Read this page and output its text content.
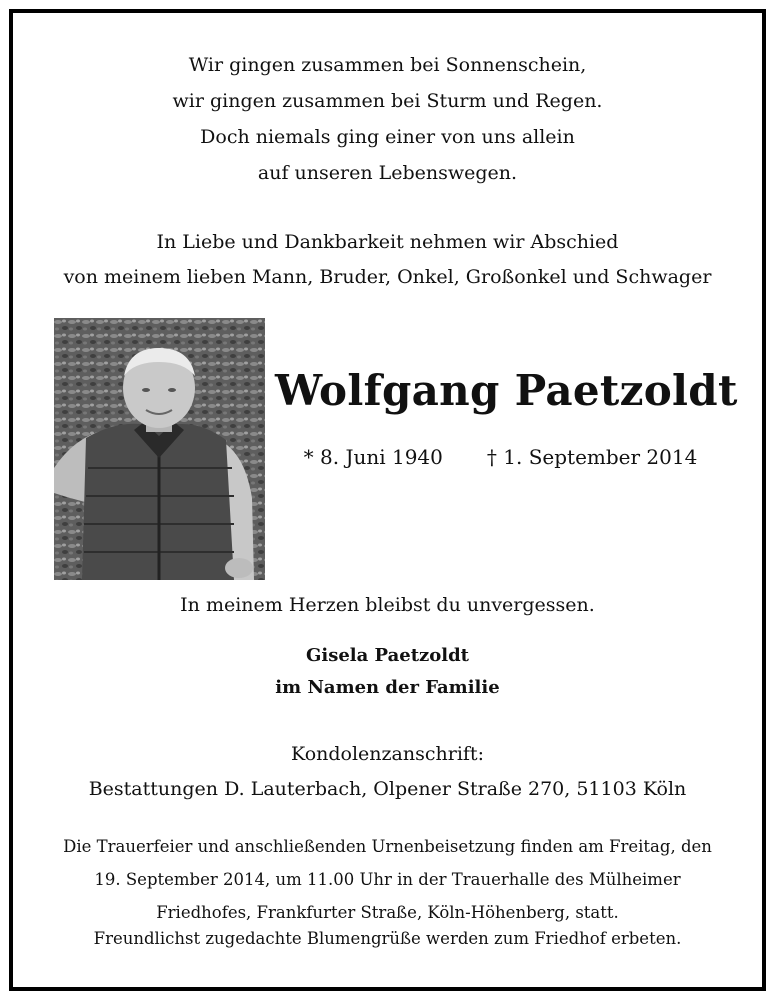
Wir gingen zusammen bei Sonnenschein,
wir gingen zusammen bei Sturm und Regen.
Doch niemals ging einer von uns allein
auf unseren Lebenswegen.
In Liebe und Dankbarkeit nehmen wir Abschied
von meinem lieben Mann, Bruder, Onkel, Großonkel und Schwager
Wolfgang Paetzoldt
* 8. Juni 1940 † 1. September 2014
In meinem Herzen bleibst du unvergessen.
Gisela Paetzoldt
im Namen der Familie
Kondolenzanschrift:
Bestattungen D. Lauterbach, Olpener Straße 270, 51103 Köln
Die Trauerfeier und anschließenden Urnenbeisetzung finden am Freitag, den
19. September 2014, um 11.00 Uhr in der Trauerhalle des Mülheimer
Friedhofes, Frankfurter Straße, Köln-Höhenberg, statt.
Freundlichst zugedachte Blumengrüße werden zum Friedhof erbeten.
